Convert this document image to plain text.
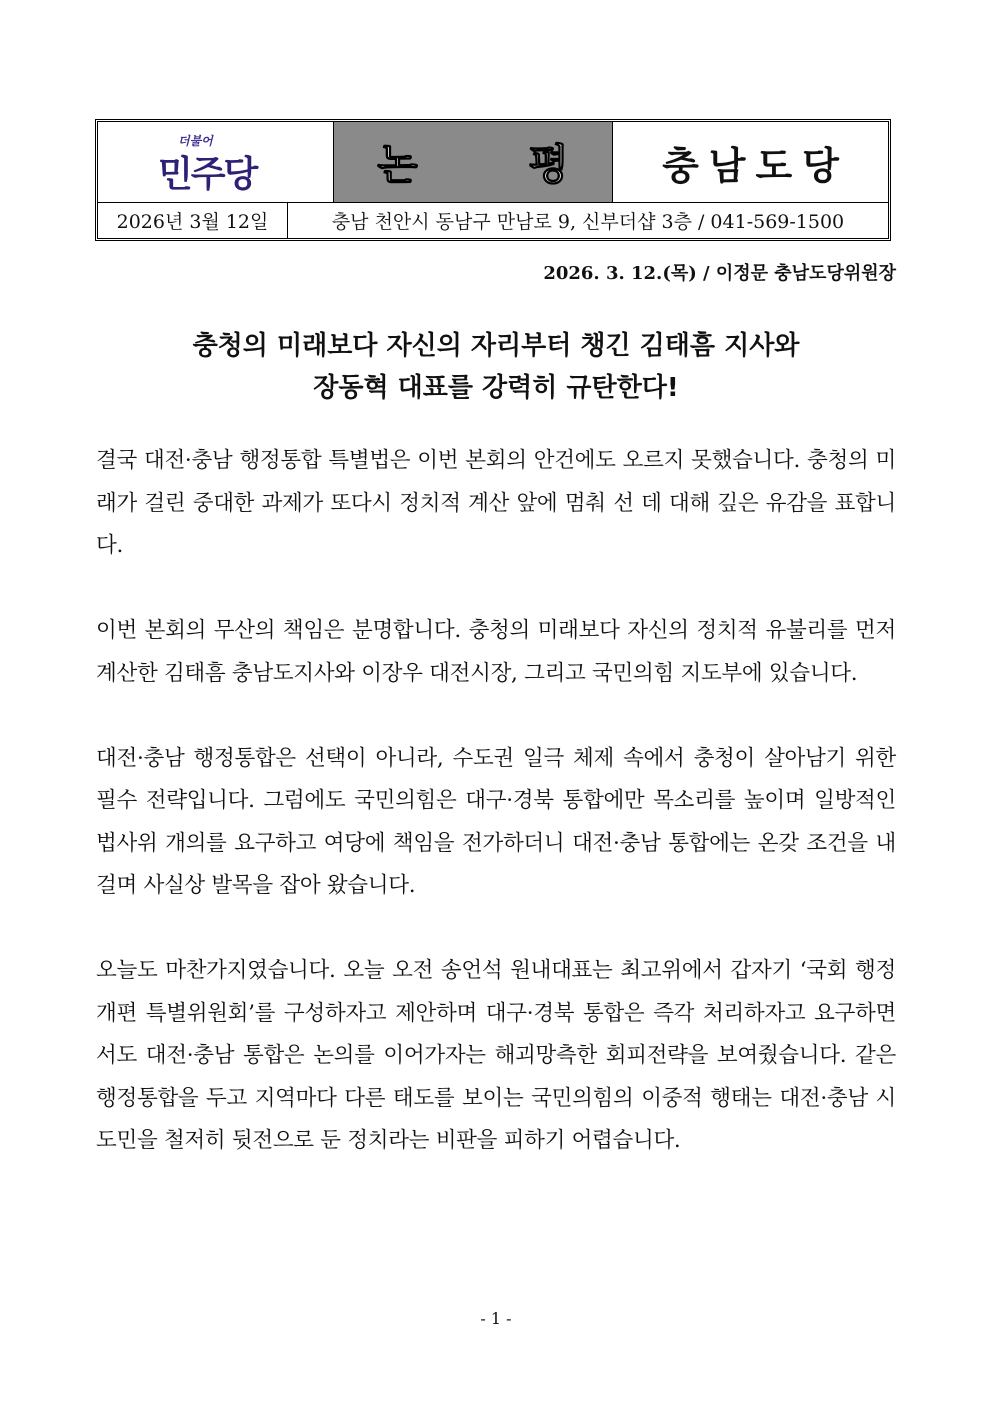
더불어
민주당	논 평 충남도당
2026년 3월 12일	충남 천안시 동남구 만남로 9, 신부더샵 3층 / 041-569-1500
2026. 3. 12.(목) / 이정문 충남도당위원장
충청의 미래보다 자신의 자리부터 챙긴 김태흠 지사와
장동혁 대표를 강력히 규탄한다!

결국 대전·충남 행정통합 특별법은 이번 본회의 안건에도 오르지 못했습니다. 충청의 미래가 걸린 중대한 과제가 또다시 정치적 계산 앞에 멈춰 선 데 대해 깊은 유감을 표합니다.

이번 본회의 무산의 책임은 분명합니다. 충청의 미래보다 자신의 정치적 유불리를 먼저 계산한 김태흠 충남도지사와 이장우 대전시장, 그리고 국민의힘 지도부에 있습니다.

대전·충남 행정통합은 선택이 아니라, 수도권 일극 체제 속에서 충청이 살아남기 위한 필수 전략입니다. 그럼에도 국민의힘은 대구·경북 통합에만 목소리를 높이며 일방적인 법사위 개의를 요구하고 여당에 책임을 전가하더니 대전·충남 통합에는 온갖 조건을 내걸며 사실상 발목을 잡아 왔습니다.

오늘도 마찬가지였습니다. 오늘 오전 송언석 원내대표는 최고위에서 갑자기 ‘국회 행정개편 특별위원회’를 구성하자고 제안하며 대구·경북 통합은 즉각 처리하자고 요구하면서도 대전·충남 통합은 논의를 이어가자는 해괴망측한 회피전략을 보여줬습니다. 같은 행정통합을 두고 지역마다 다른 태도를 보이는 국민의힘의 이중적 행태는 대전·충남 시도민을 철저히 뒷전으로 둔 정치라는 비판을 피하기 어렵습니다.

- 1 -
